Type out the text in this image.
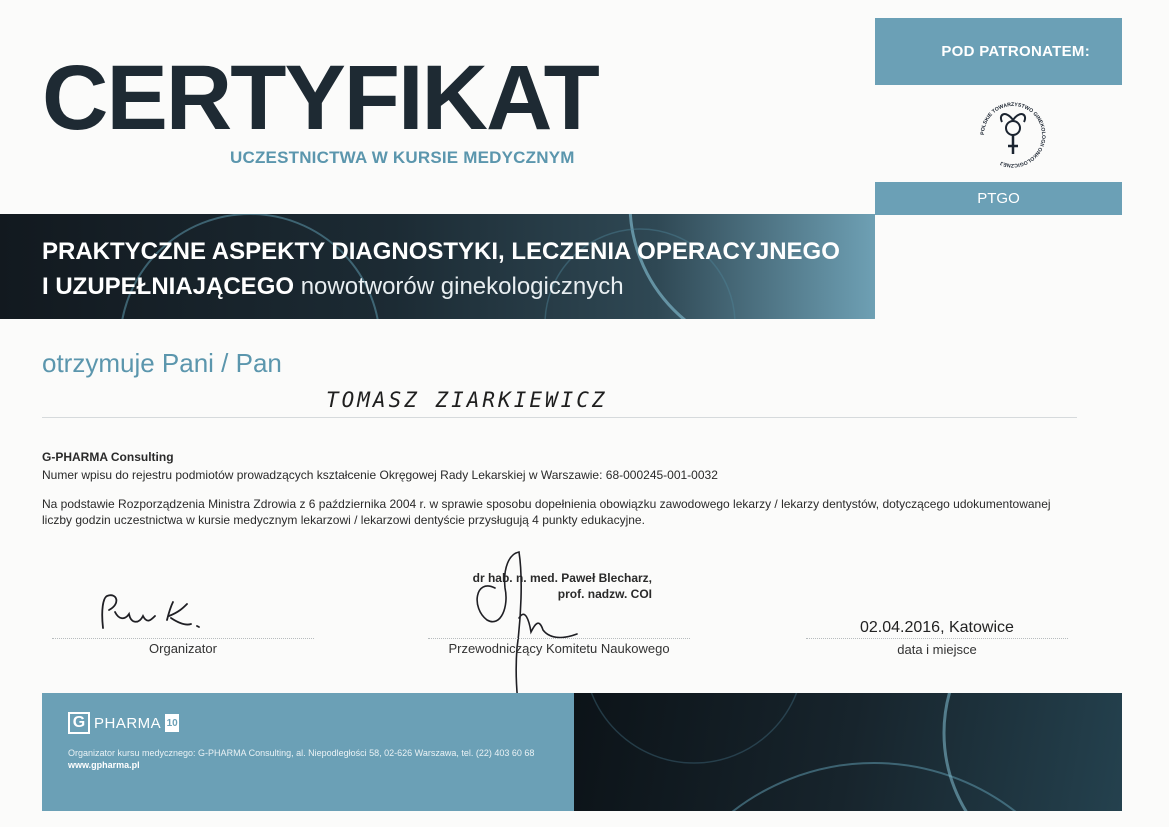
CERTYFIKAT
UCZESTNICTWA W KURSIE MEDYCZNYM
POD PATRONATEM:
POLSKIE TOWARZYSTWO GINEKOLOGII ONKOLOGICZNEJ
PTGO
PRAKTYCZNE ASPEKTY DIAGNOSTYKI, LECZENIA OPERACYJNEGO
I UZUPEŁNIAJĄCEGO nowotworów ginekologicznych
otrzymuje Pani / Pan
TOMASZ ZIARKIEWICZ
G-PHARMA Consulting
Numer wpisu do rejestru podmiotów prowadzących kształcenie Okręgowej Rady Lekarskiej w Warszawie: 68-000245-001-0032
Na podstawie Rozporządzenia Ministra Zdrowia z 6 października 2004 r. w sprawie sposobu dopełnienia obowiązku zawodowego lekarzy / lekarzy dentystów, dotyczącego udokumentowanej liczby godzin uczestnictwa w kursie medycznym lekarzowi / lekarzowi dentyście przysługują 4 punkty edukacyjne.
Organizator
dr hab. n. med. Paweł Blecharz,
prof. nadzw. COI
Przewodniczący Komitetu Naukowego
02.04.2016, Katowice
data i miejsce
G PHARMA 10
Organizator kursu medycznego: G-PHARMA Consulting, al. Niepodległości 58, 02-626 Warszawa, tel. (22) 403 60 68
www.gpharma.pl
